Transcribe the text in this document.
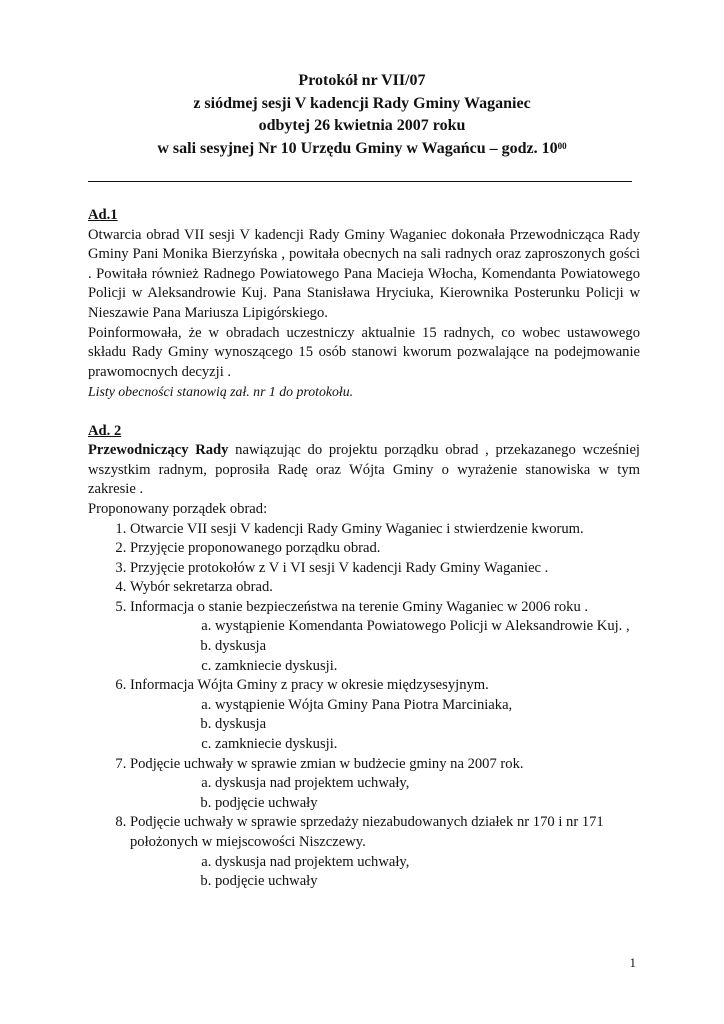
Protokół nr VII/07
z siódmej sesji V kadencji Rady Gminy Waganiec
odbytej 26 kwietnia 2007 roku
w sali sesyjnej Nr 10 Urzędu Gminy w Wagańcu – godz. $10^{00}$
Ad.1
Otwarcia obrad VII sesji V kadencji Rady Gminy Waganiec dokonała Przewodnicząca Rady Gminy Pani Monika Bierzyńska , powitała obecnych na sali radnych oraz zaproszonych gości . Powitała również Radnego Powiatowego Pana Macieja Włocha, Komendanta Powiatowego Policji w Aleksandrowie Kuj. Pana Stanisława Hryciuka, Kierownika Posterunku Policji w Nieszawie Pana Mariusza Lipigórskiego.
Poinformowała, że w obradach uczestniczy aktualnie 15 radnych, co wobec ustawowego składu Rady Gminy wynoszącego 15 osób stanowi kworum pozwalające na podejmowanie prawomocnych decyzji .
Listy obecności stanowią zał. nr 1 do protokołu.
Ad. 2
Przewodniczący Rady nawiązując do projektu porządku obrad , przekazanego wcześniej wszystkim radnym, poprosiła Radę oraz Wójta Gminy o wyrażenie stanowiska w tym zakresie .
Proponowany porządek obrad:
1. Otwarcie VII sesji V kadencji Rady Gminy Waganiec i stwierdzenie kworum.
2. Przyjęcie proponowanego porządku obrad.
3. Przyjęcie protokołów z V i VI sesji V kadencji Rady Gminy Waganiec .
4. Wybór sekretarza obrad.
5. Informacja o stanie bezpieczeństwa na terenie Gminy Waganiec w 2006 roku .
a. wystąpienie Komendanta Powiatowego Policji w Aleksandrowie Kuj. ,
b. dyskusja
c. zamkniecie dyskusji.
6. Informacja Wójta Gminy z pracy w okresie międzysesyjnym.
a. wystąpienie Wójta Gminy Pana Piotra Marciniaka,
b. dyskusja
c. zamkniecie dyskusji.
7. Podjęcie uchwały w sprawie zmian w budżecie gminy na 2007 rok.
a. dyskusja nad projektem uchwały,
b. podjęcie uchwały
8. Podjęcie uchwały w sprawie sprzedaży niezabudowanych działek nr 170 i nr 171 położonych w miejscowości Niszczewy.
a. dyskusja nad projektem uchwały,
b. podjęcie uchwały
1
